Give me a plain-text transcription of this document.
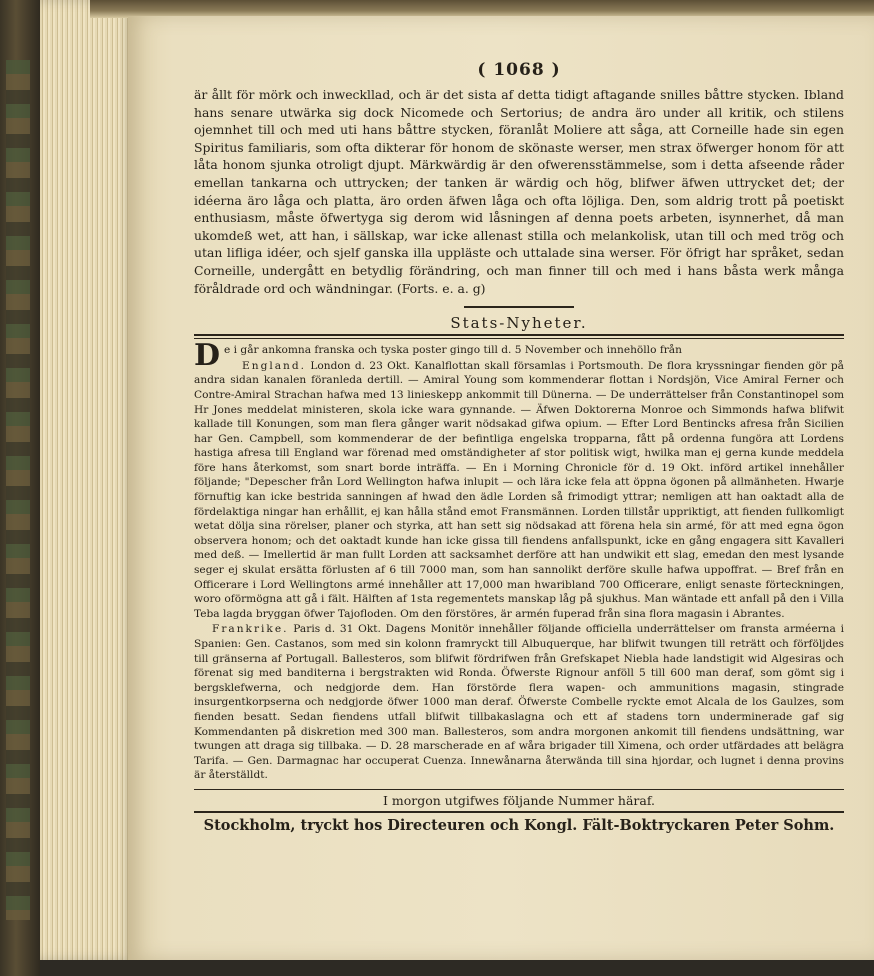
( 1068 )

är ållt för mörk och inweckllad, och är det sista af detta tidigt aftagande snilles båttre stycken. Ibland hans senare utwärka sig dock Nicomede och Sertorius; de andra äro under all kritik, och stilens ojemnhet till och med uti hans båttre stycken, föranlåt Moliere att såga, att Corneille hade sin egen Spiritus familiaris, som ofta dikterar för honom de skönaste werser, men strax öfwerger honom för att låta honom sjunka otroligt djupt. Märkwärdig är den ofwerensstämmelse, som i detta afseende råder emellan tankarna och uttrycken; der tanken är wärdig och hög, blifwer äfwen uttrycket det; der idéerna äro låga och platta, äro orden äfwen låga och ofta löjliga. Den, som aldrig trott på poetiskt enthusiasm, måste öfwertyga sig derom wid låsningen af denna poets arbeten, isynnerhet, då man ukomdeß wet, att han, i sällskap, war icke allenast stilla och melankolisk, utan till och med trög och utan lifliga idéer, och sjelf ganska illa uppläste och uttalade sina werser. För öfrigt har språket, sedan Corneille, undergått en betydlig förändring, och man finner till och med i hans båsta werk många föråldrade ord och wändningar. (Forts. e. a. g)

Stats-Nyheter.

D e i går ankomna franska och tyska poster gingo till d. 5 November och innehöllo från

England. London d. 23 Okt. Kanalflottan skall församlas i Portsmouth. De flora kryssningar fienden gör på andra sidan kanalen föranleda dertill. — Amiral Young som kommenderar flottan i Nordsjön, Vice Amiral Ferner och Contre-Amiral Strachan hafwa med 13 linieskepp ankommit till Dünerna. — De underrättelser från Constantinopel som Hr Jones meddelat ministeren, skola icke wara gynnande. — Äfwen Doktorerna Monroe och Simmonds hafwa blifwit kallade till Konungen, som man flera gånger warit nödsakad gifwa opium. — Efter Lord Bentincks afresa från Sicilien har Gen. Campbell, som kommenderar de der befintliga engelska tropparna, fått på ordenna fungöra att Lordens hastiga afresa till England war förenad med omständigheter af stor politisk wigt, hwilka man ej gerna kunde meddela före hans återkomst, som snart borde inträffa. — En i Morning Chronicle för d. 19 Okt. införd artikel innehåller följande; "Depescher från Lord Wellington hafwa inlupit — och lära icke fela att öppna ögonen på allmänheten. Hwarje förnuftig kan icke bestrida sanningen af hwad den ädle Lorden så frimodigt yttrar; nemligen att han oaktadt alla de fördelaktiga ningar han erhållit, ej kan hålla stånd emot Fransmännen. Lorden tillstår uppriktigt, att fienden fullkomligt wetat dölja sina rörelser, planer och styrka, att han sett sig nödsakad att förena hela sin armé, för att med egna ögon observera honom; och det oaktadt kunde han icke gissa till fiendens anfallspunkt, icke en gång engagera sitt Kavalleri med deß. — Imellertid är man fullt Lorden att sacksamhet derföre att han undwikit ett slag, emedan den mest lysande seger ej skulat ersätta förlusten af 6 till 7000 man, som han sannolikt derföre skulle hafwa uppoffrat. — Bref från en Officerare i Lord Wellingtons armé innehåller att 17,000 man hwaribland 700 Officerare, enligt senaste förteckningen, woro oförmögna att gå i fält. Hälften af 1sta regementets manskap låg på sjukhus. Man wäntade ett anfall på den i Villa Teba lagda bryggan öfwer Tajofloden. Om den förstöres, är armén fuperad från sina flora magasin i Abrantes.

Frankrike. Paris d. 31 Okt. Dagens Monitör innehåller följande officiella underrättelser om fransta arméerna i Spanien: Gen. Castanos, som med sin kolonn framryckt till Albuquerque, har blifwit twungen till reträtt och förföljdes till gränserna af Portugall. Ballesteros, som blifwit fördrifwen från Grefskapet Niebla hade landstigit wid Algesiras och förenat sig med banditerna i bergstrakten wid Ronda. Öfwerste Rignour anföll 5 till 600 man deraf, som gömt sig i bergsklefwerna, och nedgjorde dem. Han förstörde flera wapen- och ammunitions magasin, stingrade insurgentkorpserna och nedgjorde öfwer 1000 man deraf. Öfwerste Combelle ryckte emot Alcala de los Gaulzes, som fienden besatt. Sedan fiendens utfall blifwit tillbakaslagna och ett af stadens torn underminerade gaf sig Kommendanten på diskretion med 300 man. Ballesteros, som andra morgonen ankomit till fiendens undsättning, war twungen att draga sig tillbaka. — D. 28 marscherade en af wåra brigader till Ximena, och order utfärdades att belägra Tarifa. — Gen. Darmagnac har occuperat Cuenza. Innewånarna återwända till sina hjordar, och lugnet i denna provins är återställdt.

I morgon utgifwes följande Nummer häraf.
Stockholm, tryckt hos Directeuren och Kongl. Fält-Boktryckaren Peter Sohm.
